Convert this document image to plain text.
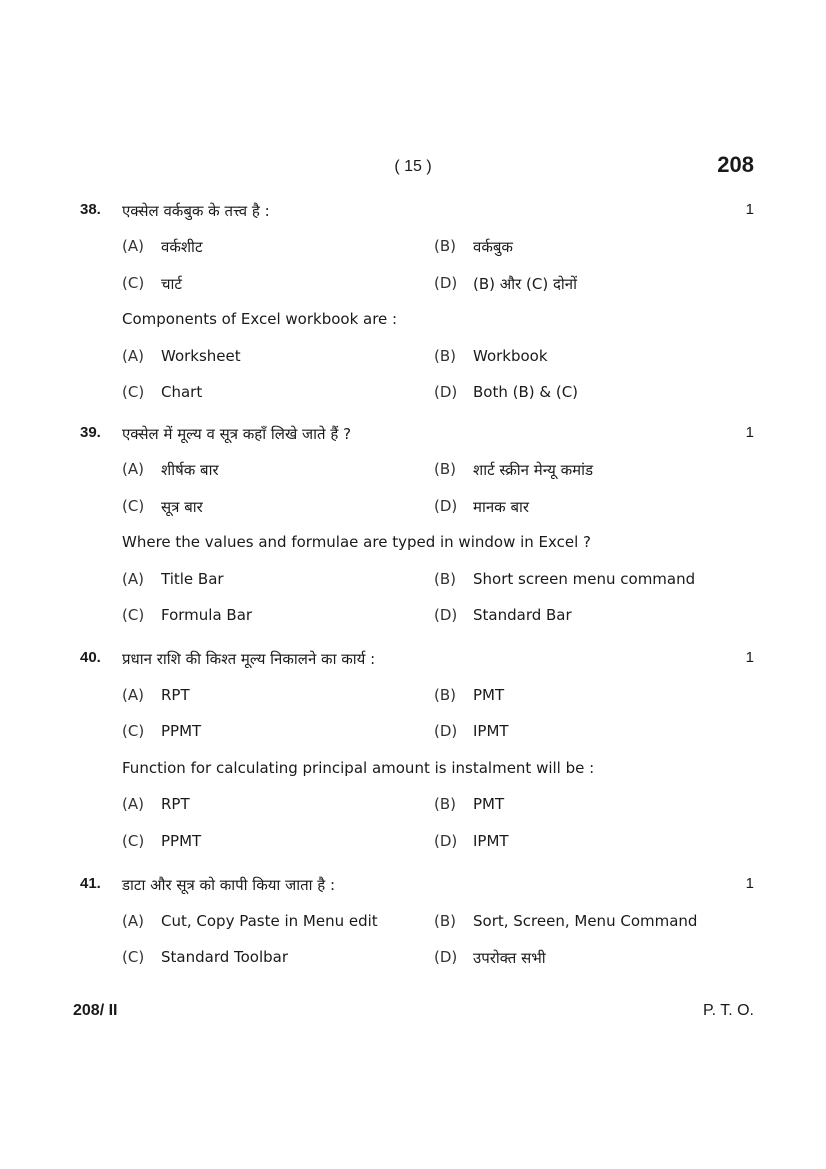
( 15 )	208
38. एक्सेल वर्कबुक के तत्त्व है :	1
(A) वर्कशीट	(B) वर्कबुक
(C) चार्ट	(D) (B) और (C) दोनों
Components of Excel workbook are :
(A) Worksheet	(B) Workbook
(C) Chart	(D) Both (B) & (C)
39. एक्सेल में मूल्य व सूत्र कहाँ लिखे जाते हैं ?	1
(A) शीर्षक बार	(B) शार्ट स्क्रीन मेन्यू कमांड
(C) सूत्र बार	(D) मानक बार
Where the values and formulae are typed in window in Excel ?
(A) Title Bar	(B) Short screen menu command
(C) Formula Bar	(D) Standard Bar
40. प्रधान राशि की किश्त मूल्य निकालने का कार्य :	1
(A) RPT	(B) PMT
(C) PPMT	(D) IPMT
Function for calculating principal amount is instalment will be :
(A) RPT	(B) PMT
(C) PPMT	(D) IPMT
41. डाटा और सूत्र को कापी किया जाता है :	1
(A) Cut, Copy Paste in Menu edit	(B) Sort, Screen, Menu Command
(C) Standard Toolbar	(D) उपरोक्त सभी
208/ II	P. T. O.
